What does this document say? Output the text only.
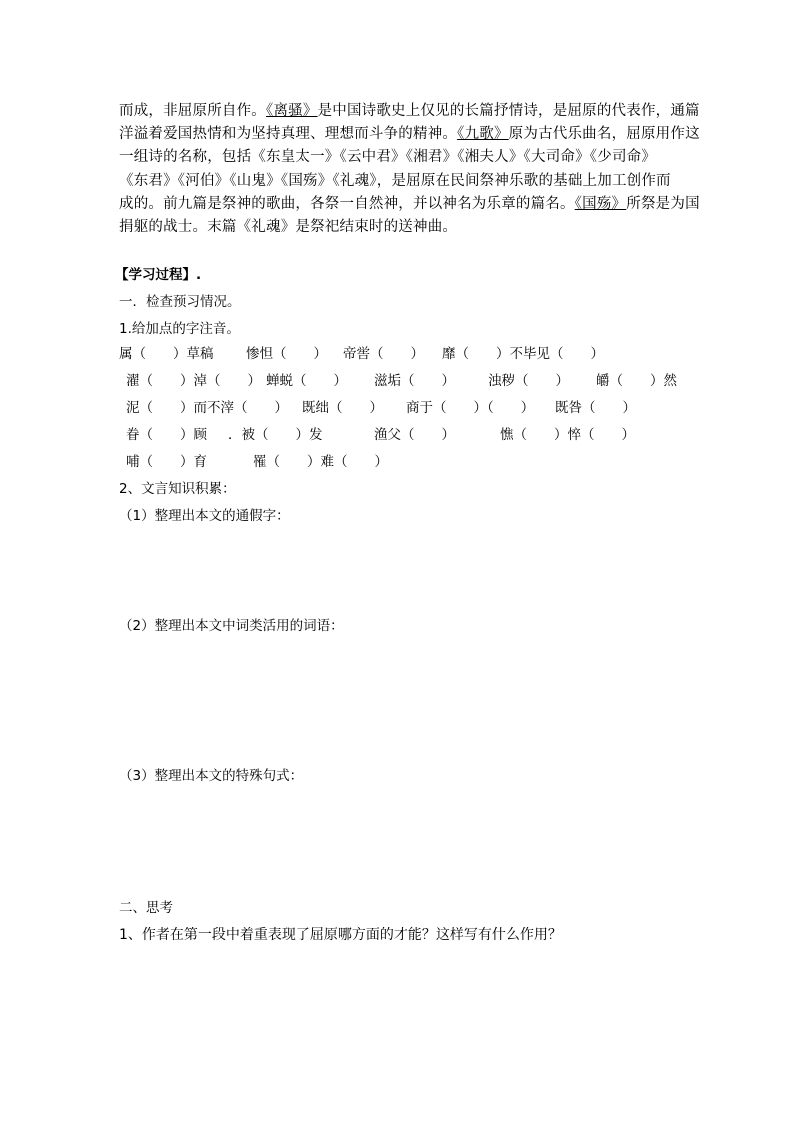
而成，非屈原所自作。《离骚》是中国诗歌史上仅见的长篇抒情诗，是屈原的代表作，通篇
洋溢着爱国热情和为坚持真理、理想而斗争的精神。《九歌》原为古代乐曲名，屈原用作这
一组诗的名称，包括《东皇太一》《云中君》《湘君》《湘夫人》《大司命》《少司命》
《东君》《河伯》《山鬼》《国殇》《礼魂》，是屈原在民间祭神乐歌的基础上加工创作而
成的。前九篇是祭神的歌曲，各祭一自然神，并以神名为乐章的篇名。《国殇》所祭是为国
捐躯的战士。末篇《礼魂》是祭祀结束时的送神曲。
【学习过程】.
一．检查预习情况。
1.给加点的字注音。
属（　　）草稿 惨怛（　　） 帝喾（　　） 靡（　　）不毕见（　　）
濯（　　）淖（　　） 蝉蜕（　　） 滋垢（　　） 浊秽（　　） 皭（　　）然
泥（　　）而不滓（　　） 既绌（　　） 商于（　　）（　　） 既咎（　　）
眷（　　）顾 ．被（　　）发	渔父（　　）	憔（　　）悴（　　）
哺（　　）育	罹（　　）难（　　）
2、文言知识积累：
（1）整理出本文的通假字：
（2）整理出本文中词类活用的词语：
（3）整理出本文的特殊句式：
二、思考
1、作者在第一段中着重表现了屈原哪方面的才能？这样写有什么作用？
